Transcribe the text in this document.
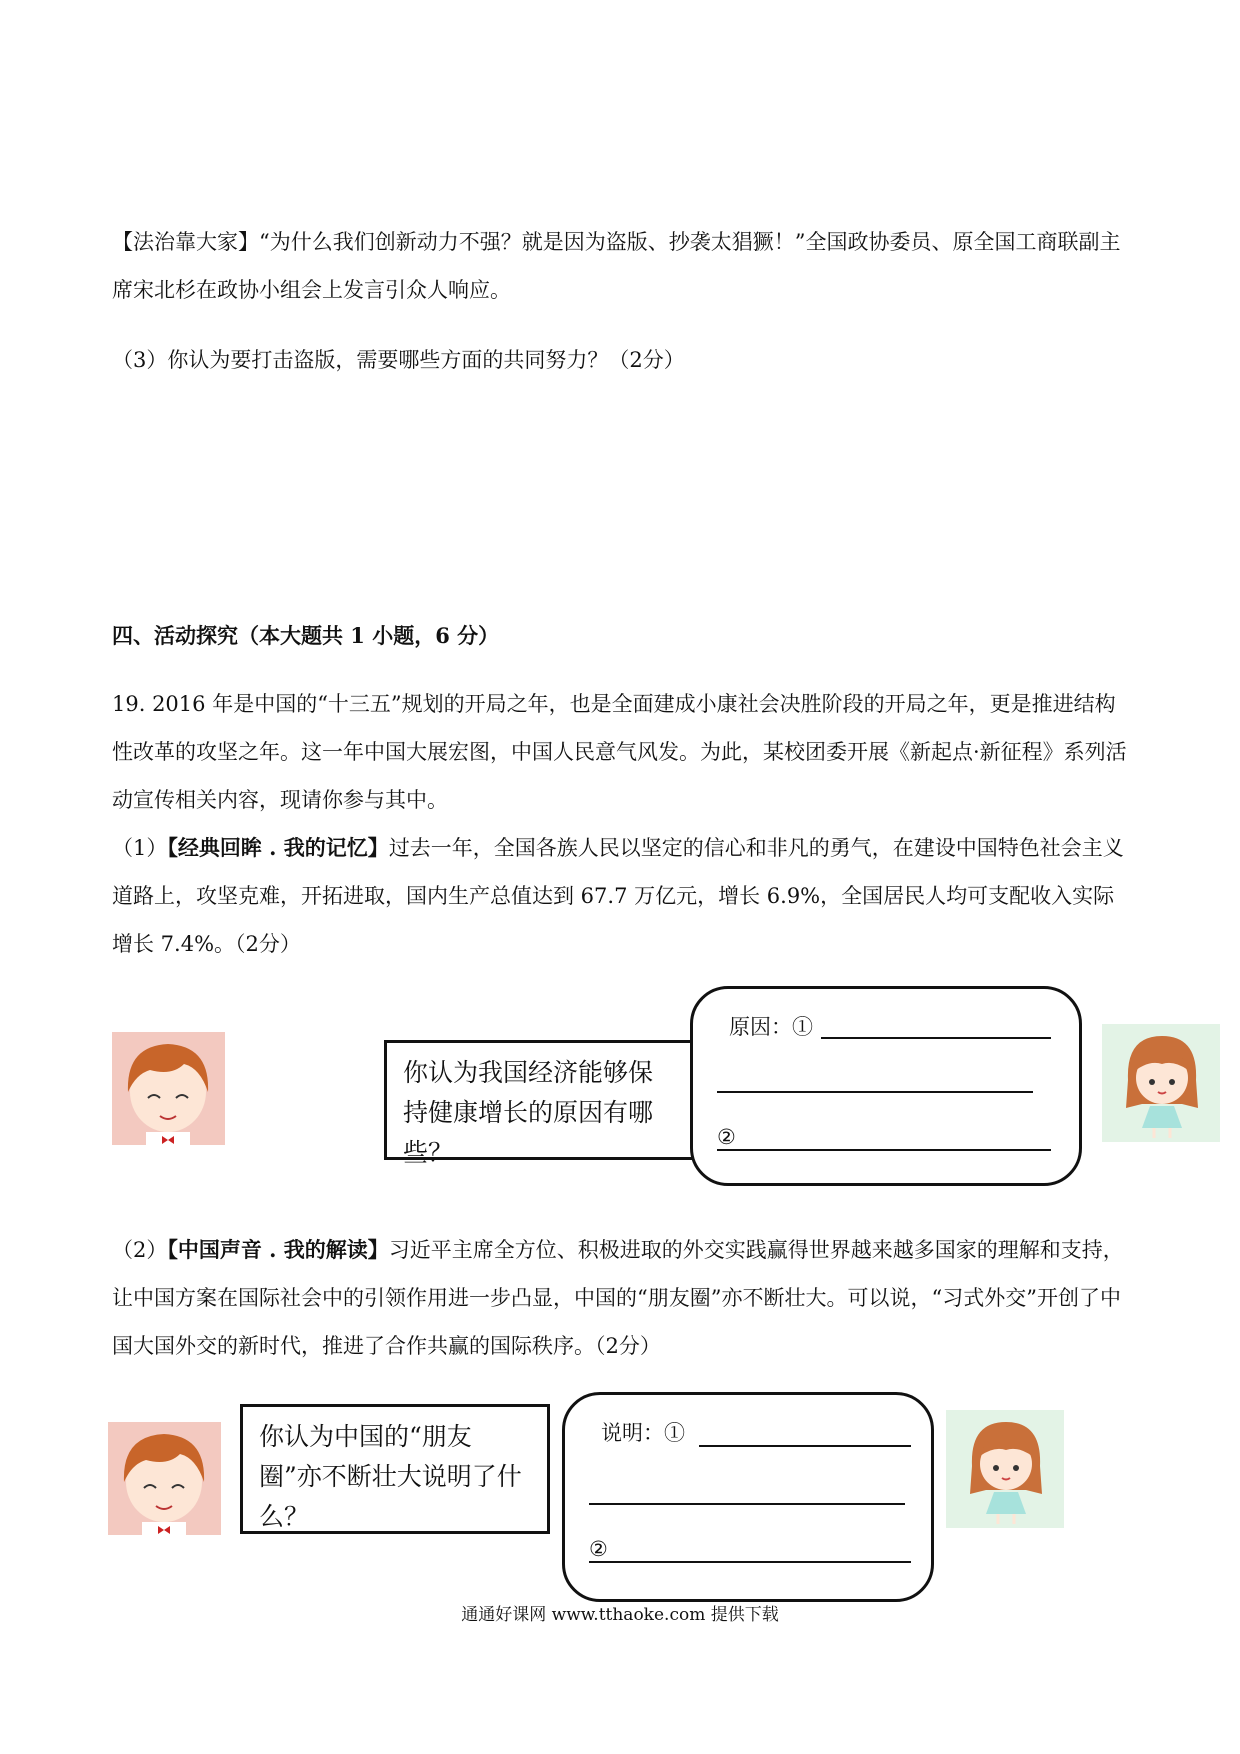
【法治靠大家】“为什么我们创新动力不强？就是因为盗版、抄袭太猖獗！”全国政协委员、原全国工商联副主席宋北杉在政协小组会上发言引众人响应。

（3）你认为要打击盗版，需要哪些方面的共同努力？（2分）

四、活动探究（本大题共 1 小题，6 分）

19. 2016 年是中国的“十三五”规划的开局之年，也是全面建成小康社会决胜阶段的开局之年，更是推进结构性改革的攻坚之年。这一年中国大展宏图，中国人民意气风发。为此，某校团委开展《新起点·新征程》系列活动宣传相关内容，现请你参与其中。

（1）【经典回眸 . 我的记忆】过去一年，全国各族人民以坚定的信心和非凡的勇气，在建设中国特色社会主义道路上，攻坚克难，开拓进取，国内生产总值达到 67.7 万亿元，增长 6.9%，全国居民人均可支配收入实际增长 7.4%。（2分）

你认为我国经济能够保持健康增长的原因有哪些？
原因：①
②

（2）【中国声音 . 我的解读】习近平主席全方位、积极进取的外交实践赢得世界越来越多国家的理解和支持，让中国方案在国际社会中的引领作用进一步凸显，中国的“朋友圈”亦不断壮大。可以说，“习式外交”开创了中国大国外交的新时代，推进了合作共赢的国际秩序。（2分）

你认为中国的“朋友圈”亦不断壮大说明了什么？
说明：①
②
通通好课网 www.tthaoke.com 提供下载
